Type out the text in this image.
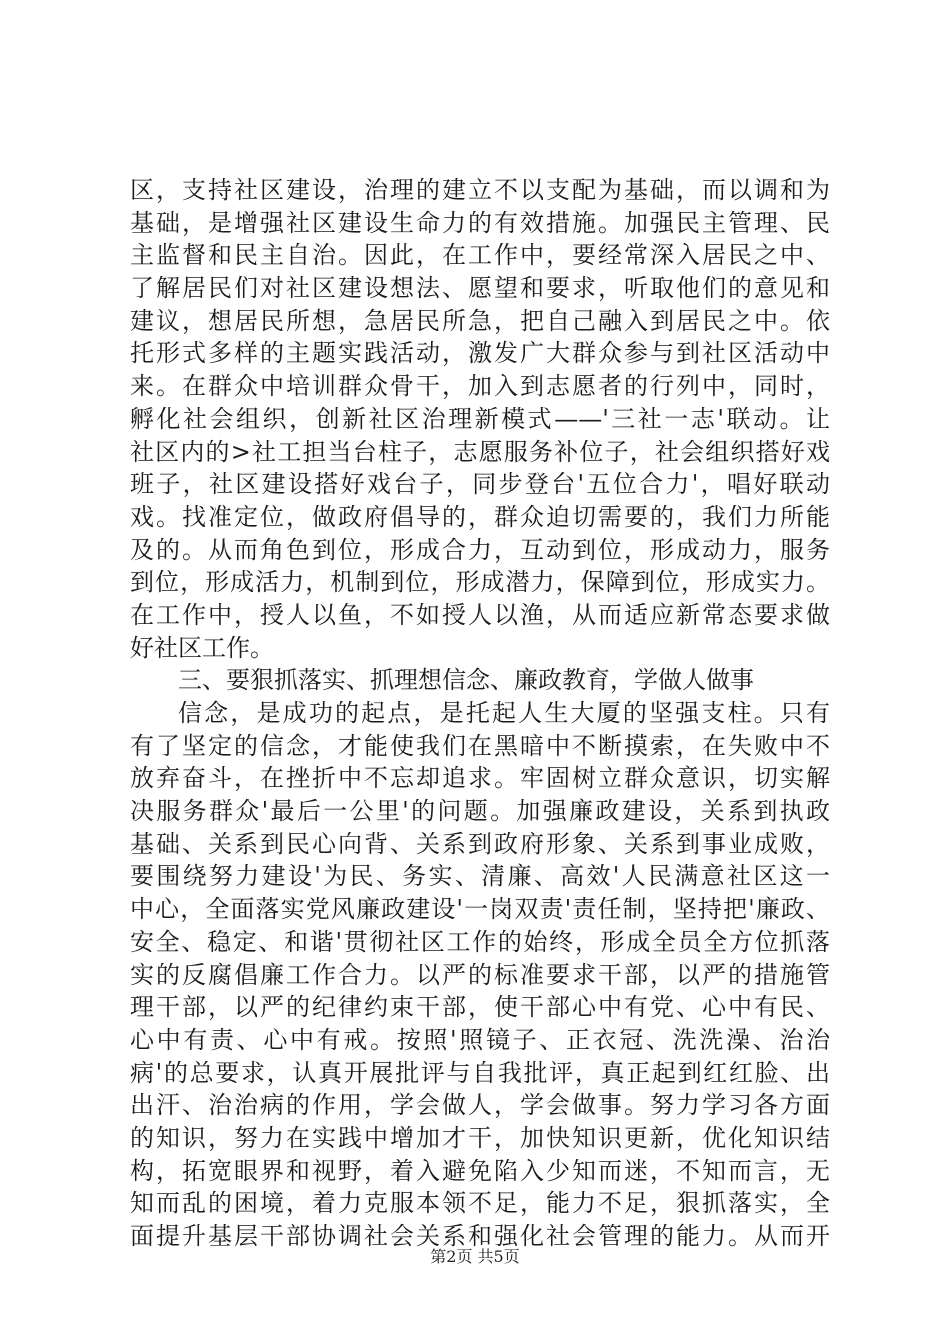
区，支持社区建设，治理的建立不以支配为基础，而以调和为
基础，是增强社区建设生命力的有效措施。加强民主管理、民
主监督和民主自治。因此，在工作中，要经常深入居民之中、
了解居民们对社区建设想法、愿望和要求，听取他们的意见和
建议，想居民所想，急居民所急，把自己融入到居民之中。依
托形式多样的主题实践活动，激发广大群众参与到社区活动中
来。在群众中培训群众骨干，加入到志愿者的行列中，同时，
孵化社会组织，创新社区治理新模式——'三社一志'联动。让
社区内的>社工担当台柱子，志愿服务补位子，社会组织搭好戏
班子，社区建设搭好戏台子，同步登台'五位合力'，唱好联动
戏。找准定位，做政府倡导的，群众迫切需要的，我们力所能
及的。从而角色到位，形成合力，互动到位，形成动力，服务
到位，形成活力，机制到位，形成潜力，保障到位，形成实力。
在工作中，授人以鱼，不如授人以渔，从而适应新常态要求做
好社区工作。
三、要狠抓落实、抓理想信念、廉政教育，学做人做事
信念，是成功的起点，是托起人生大厦的坚强支柱。只有
有了坚定的信念，才能使我们在黑暗中不断摸索，在失败中不
放弃奋斗，在挫折中不忘却追求。牢固树立群众意识，切实解
决服务群众'最后一公里'的问题。加强廉政建设，关系到执政
基础、关系到民心向背、关系到政府形象、关系到事业成败，
要围绕努力建设'为民、务实、清廉、高效'人民满意社区这一
中心，全面落实党风廉政建设'一岗双责'责任制，坚持把'廉政、
安全、稳定、和谐'贯彻社区工作的始终，形成全员全方位抓落
实的反腐倡廉工作合力。以严的标准要求干部，以严的措施管
理干部，以严的纪律约束干部，使干部心中有党、心中有民、
心中有责、心中有戒。按照'照镜子、正衣冠、洗洗澡、治治
病'的总要求，认真开展批评与自我批评，真正起到红红脸、出
出汗、治治病的作用，学会做人，学会做事。努力学习各方面
的知识，努力在实践中增加才干，加快知识更新，优化知识结
构，拓宽眼界和视野，着入避免陷入少知而迷，不知而言，无
知而乱的困境，着力克服本领不足，能力不足，狠抓落实，全
面提升基层干部协调社会关系和强化社会管理的能力。从而开
第2页 共5页
